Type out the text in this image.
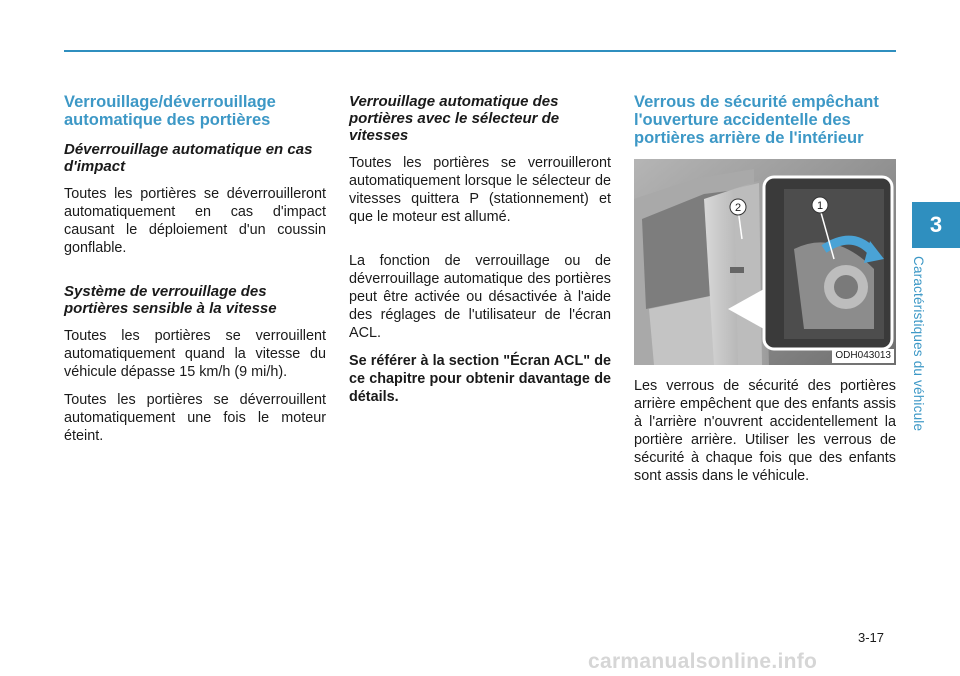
Verrouillage/déverrouillage automatique des portières
Déverrouillage automatique en cas d'impact

Toutes les portières se déverrouilleront automatiquement en cas d'impact causant le déploiement d'un coussin gonflable.

Système de verrouillage des portières sensible à la vitesse

Toutes les portières se verrouillent automatiquement quand la vitesse du véhicule dépasse 15 km/h (9 mi/h).

Toutes les portières se déverrouillent automatiquement une fois le moteur éteint.

Verrouillage automatique des portières avec le sélecteur de vitesses

Toutes les portières se verrouilleront automatiquement lorsque le sélecteur de vitesses quittera P (stationnement) et que le moteur est allumé.

La fonction de verrouillage ou de déverrouillage automatique des portières peut être activée ou désactivée à l'aide des réglages de l'utilisateur de l'écran ACL.

Se référer à la section "Écran ACL" de ce chapitre pour obtenir davantage de détails.

Verrous de sécurité empêchant l'ouverture accidentelle des portières arrière de l'intérieur
1
2
ODH043013

Les verrous de sécurité des portières arrière empêchent que des enfants assis à l'arrière n'ouvrent accidentellement la portière arrière. Utiliser les verrous de sécurité à chaque fois que des enfants sont assis dans le véhicule.

3
Caractéristiques du véhicule
3-17
carmanualsonline.info
